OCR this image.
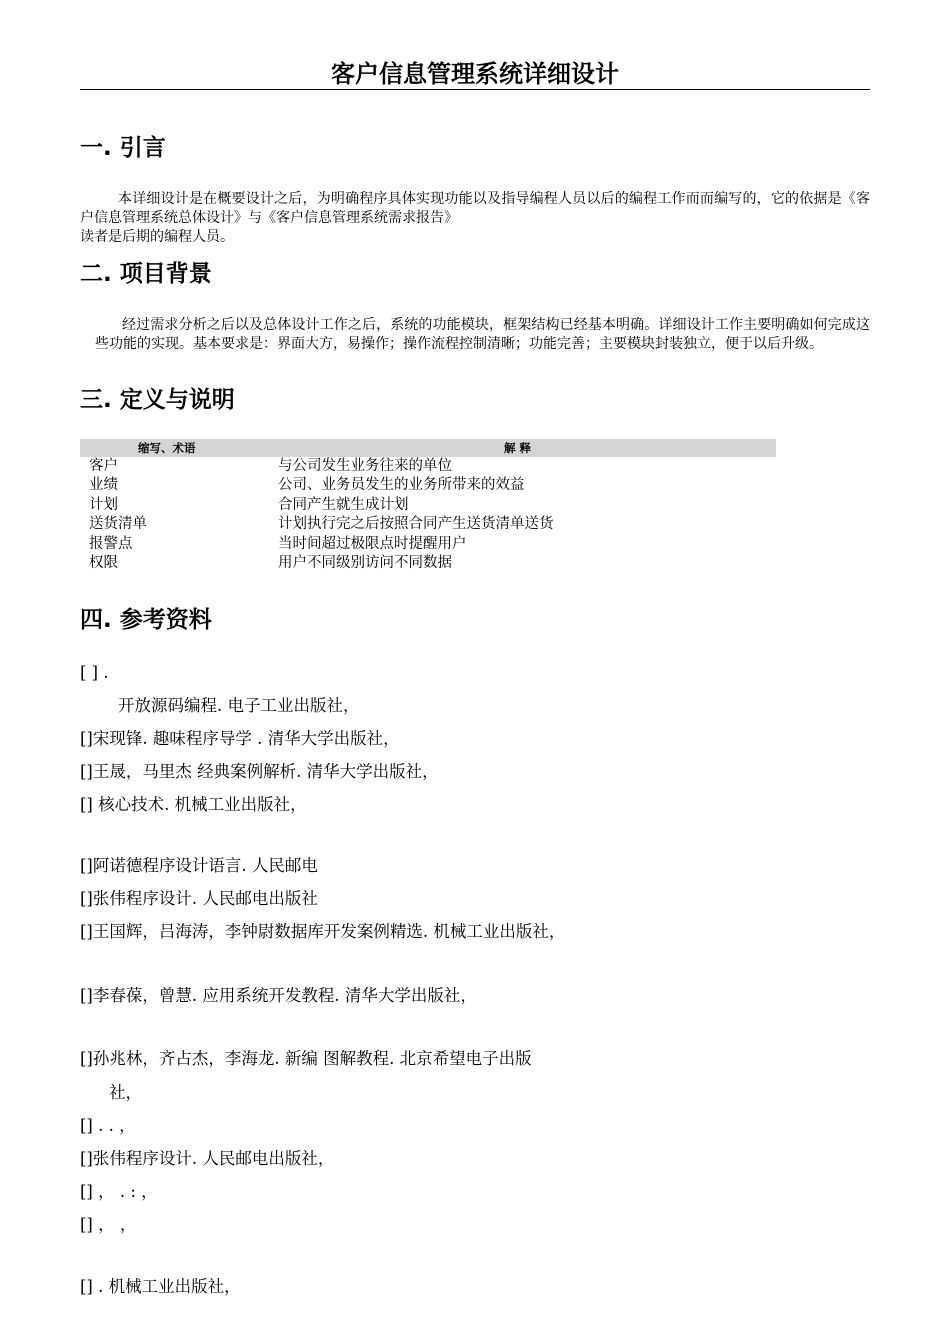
客户信息管理系统详细设计
一. 引言

本详细设计是在概要设计之后，为明确程序具体实现功能以及指导编程人员以后的编程工作而而编写的，它的依据是《客户信息管理系统总体设计》与《客户信息管理系统需求报告》

读者是后期的编程人员。

二. 项目背景

经过需求分析之后以及总体设计工作之后，系统的功能模块，框架结构已经基本明确。详细设计工作主要明确如何完成这些功能的实现。基本要求是：界面大方，易操作；操作流程控制清晰；功能完善；主要模块封装独立，便于以后升级。

三. 定义与说明
缩写、术语	解 释
客户	与公司发生业务往来的单位
业绩	公司、业务员发生的业务所带来的效益
计划	合同产生就生成计划
送货清单	计划执行完之后按照合同产生送货清单送货
报警点	当时间超过极限点时提醒用户
权限	用户不同级别访问不同数据
四. 参考资料
[ ] .
开放源码编程. 电子工业出版社，
[]宋现锋. 趣味程序导学 . 清华大学出版社，
[]王晟，马里杰 经典案例解析. 清华大学出版社，
[] 核心技术. 机械工业出版社，
[]阿诺德程序设计语言. 人民邮电
[]张伟程序设计. 人民邮电出版社
[]王国辉，吕海涛，李钟尉数据库开发案例精选. 机械工业出版社，
[]李春葆，曾慧. 应用系统开发教程. 清华大学出版社，
[]孙兆林，齐占杰，李海龙. 新编 图解教程. 北京希望电子出版
社，
[] . . ，
[]张伟程序设计. 人民邮电出版社，
[] ， . : ，
[] ， ，
[] . 机械工业出版社，
